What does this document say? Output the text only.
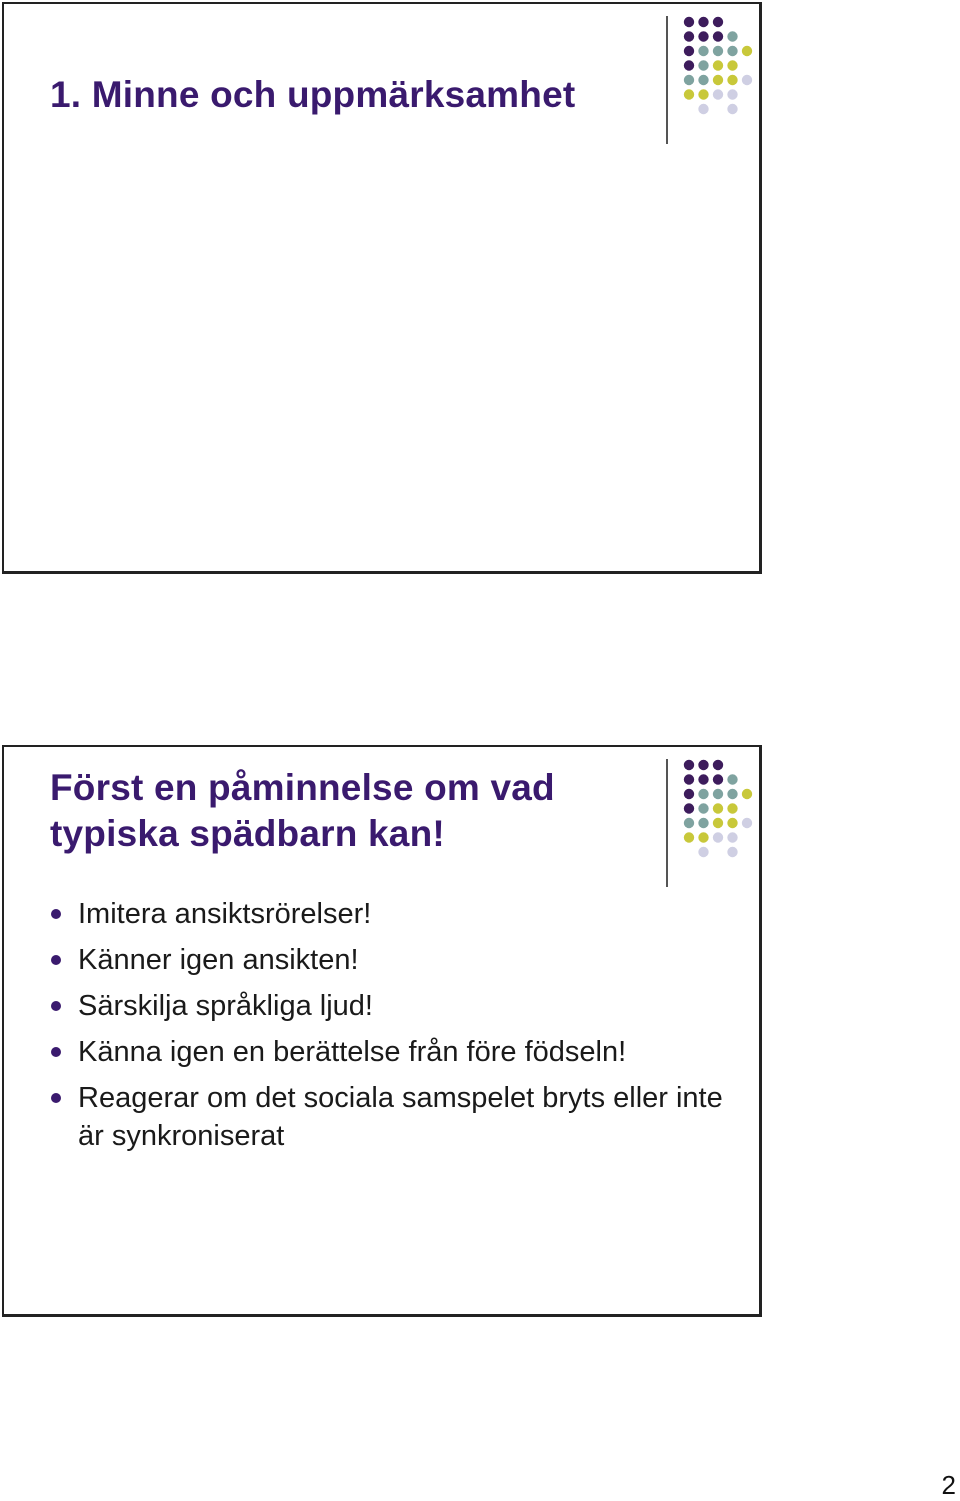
1. Minne och uppmärksamhet
Först en påminnelse om vad
typiska spädbarn kan!
Imitera ansiktsrörelser!
Känner igen ansikten!
Särskilja språkliga ljud!
Känna igen en berättelse från före födseln!
Reagerar om det sociala samspelet bryts eller inte är synkroniserat
2
